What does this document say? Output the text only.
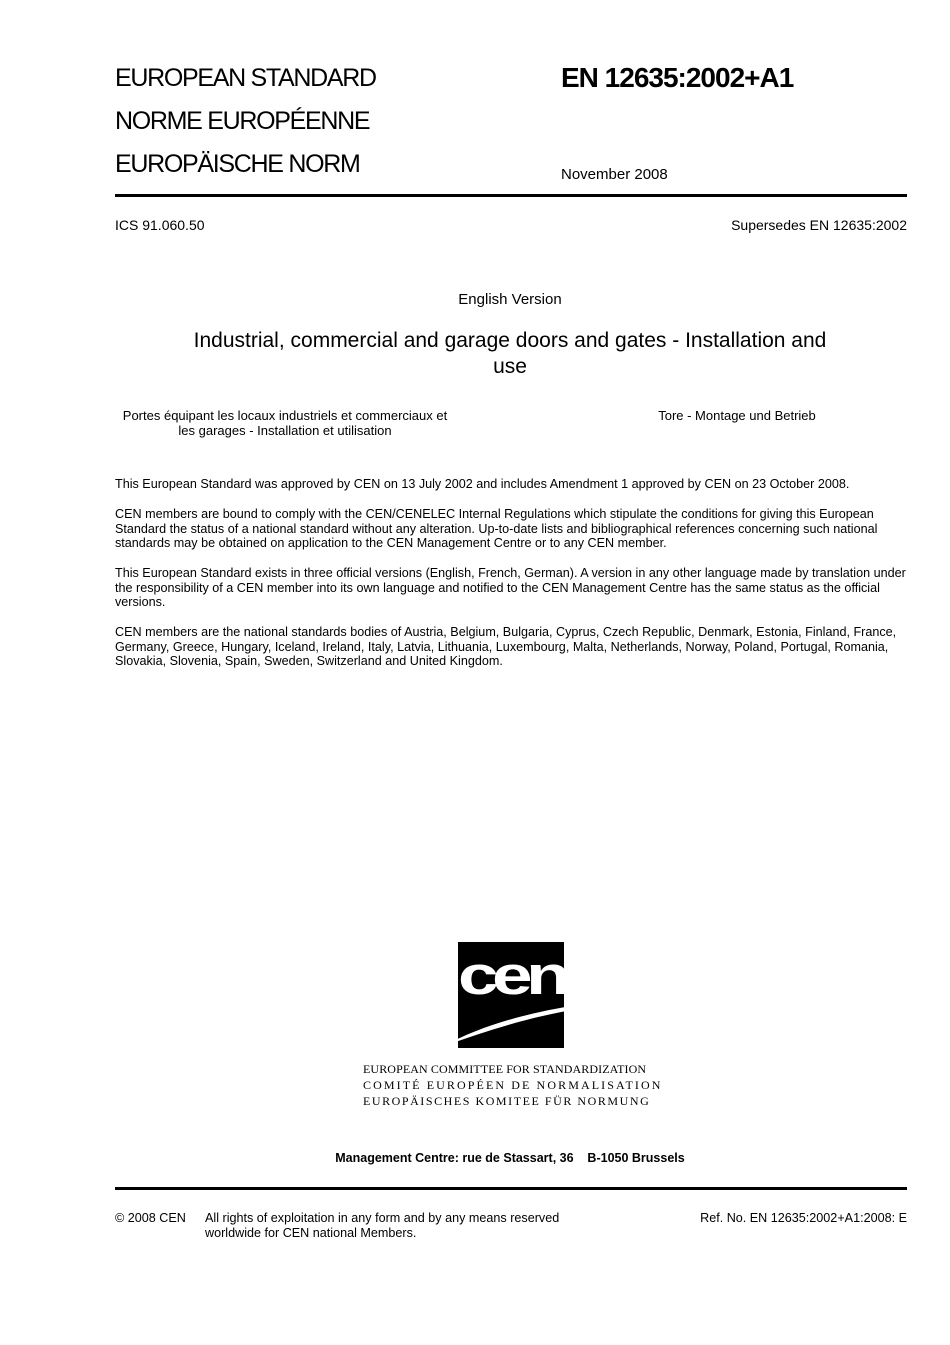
EUROPEAN STANDARD
NORME EUROPÉENNE
EUROPÄISCHE NORM
EN 12635:2002+A1
November 2008
ICS 91.060.50	Supersedes EN 12635:2002
English Version
Industrial, commercial and garage doors and gates - Installation and use
Portes équipant les locaux industriels et commerciaux et les garages - Installation et utilisation
Tore - Montage und Betrieb
This European Standard was approved by CEN on 13 July 2002 and includes Amendment 1 approved by CEN on 23 October 2008.
CEN members are bound to comply with the CEN/CENELEC Internal Regulations which stipulate the conditions for giving this European Standard the status of a national standard without any alteration. Up-to-date lists and bibliographical references concerning such national standards may be obtained on application to the CEN Management Centre or to any CEN member.
This European Standard exists in three official versions (English, French, German). A version in any other language made by translation under the responsibility of a CEN member into its own language and notified to the CEN Management Centre has the same status as the official versions.
CEN members are the national standards bodies of Austria, Belgium, Bulgaria, Cyprus, Czech Republic, Denmark, Estonia, Finland, France, Germany, Greece, Hungary, Iceland, Ireland, Italy, Latvia, Lithuania, Luxembourg, Malta, Netherlands, Norway, Poland, Portugal, Romania, Slovakia, Slovenia, Spain, Sweden, Switzerland and United Kingdom.
cen
EUROPEAN COMMITTEE FOR STANDARDIZATION
COMITÉ EUROPÉEN DE NORMALISATION
EUROPÄISCHES KOMITEE FÜR NORMUNG
Management Centre: rue de Stassart, 36    B-1050 Brussels
© 2008 CEN All rights of exploitation in any form and by any means reserved worldwide for CEN national Members.
Ref. No. EN 12635:2002+A1:2008: E
